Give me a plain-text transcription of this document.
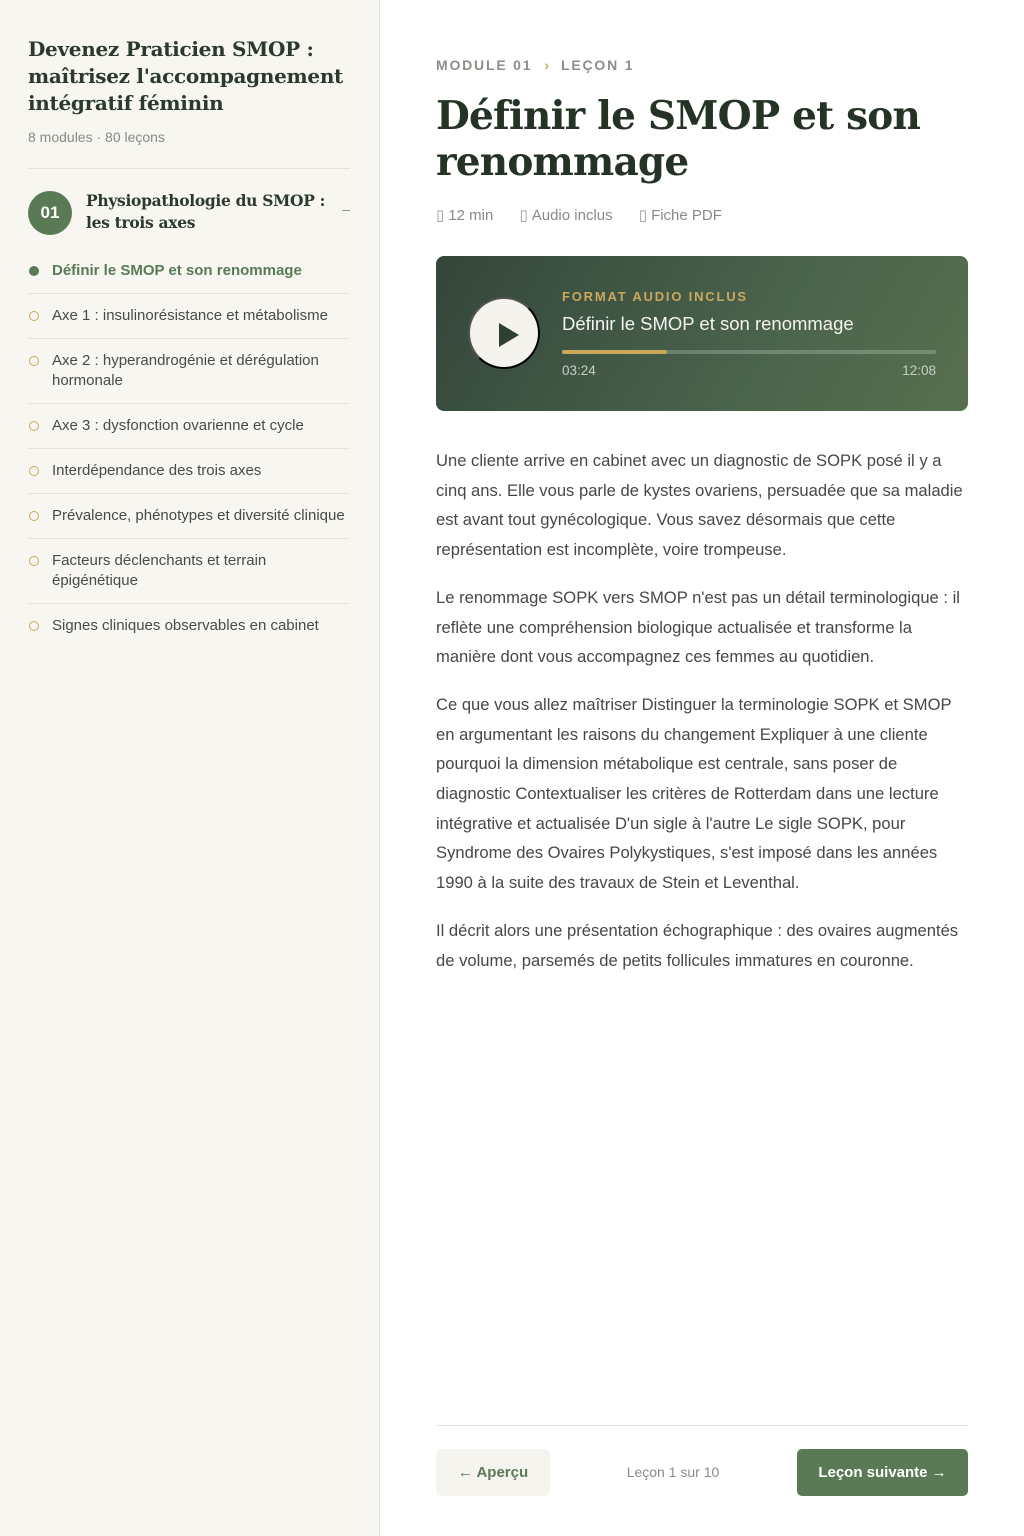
Devenez Praticien SMOP : maîtrisez l'accompagnement intégratif féminin
8 modules · 80 leçons
01
Physiopathologie du SMOP : les trois axes
–
Définir le SMOP et son renommage
Axe 1 : insulinorésistance et métabolisme
Axe 2 : hyperandrogénie et dérégulation hormonale
Axe 3 : dysfonction ovarienne et cycle
Interdépendance des trois axes
Prévalence, phénotypes et diversité clinique
Facteurs déclenchants et terrain épigénétique
Signes cliniques observables en cabinet
MODULE 01 › LEÇON 1
Définir le SMOP et son renommage
▯ 12 min ▯ Audio inclus ▯ Fiche PDF
FORMAT AUDIO INCLUS
Définir le SMOP et son renommage
03:24	12:08

Une cliente arrive en cabinet avec un diagnostic de SOPK posé il y a cinq ans. Elle vous parle de kystes ovariens, persuadée que sa maladie est avant tout gynécologique. Vous savez désormais que cette représentation est incomplète, voire trompeuse.

Le renommage SOPK vers SMOP n'est pas un détail terminologique : il reflète une compréhension biologique actualisée et transforme la manière dont vous accompagnez ces femmes au quotidien.

Ce que vous allez maîtriser Distinguer la terminologie SOPK et SMOP en argumentant les raisons du changement Expliquer à une cliente pourquoi la dimension métabolique est centrale, sans poser de diagnostic Contextualiser les critères de Rotterdam dans une lecture intégrative et actualisée D'un sigle à l'autre Le sigle SOPK, pour Syndrome des Ovaires Polykystiques, s'est imposé dans les années 1990 à la suite des travaux de Stein et Leventhal.

Il décrit alors une présentation échographique : des ovaires augmentés de volume, parsemés de petits follicules immatures en couronne.

← Aperçu	Leçon 1 sur 10	Leçon suivante →
